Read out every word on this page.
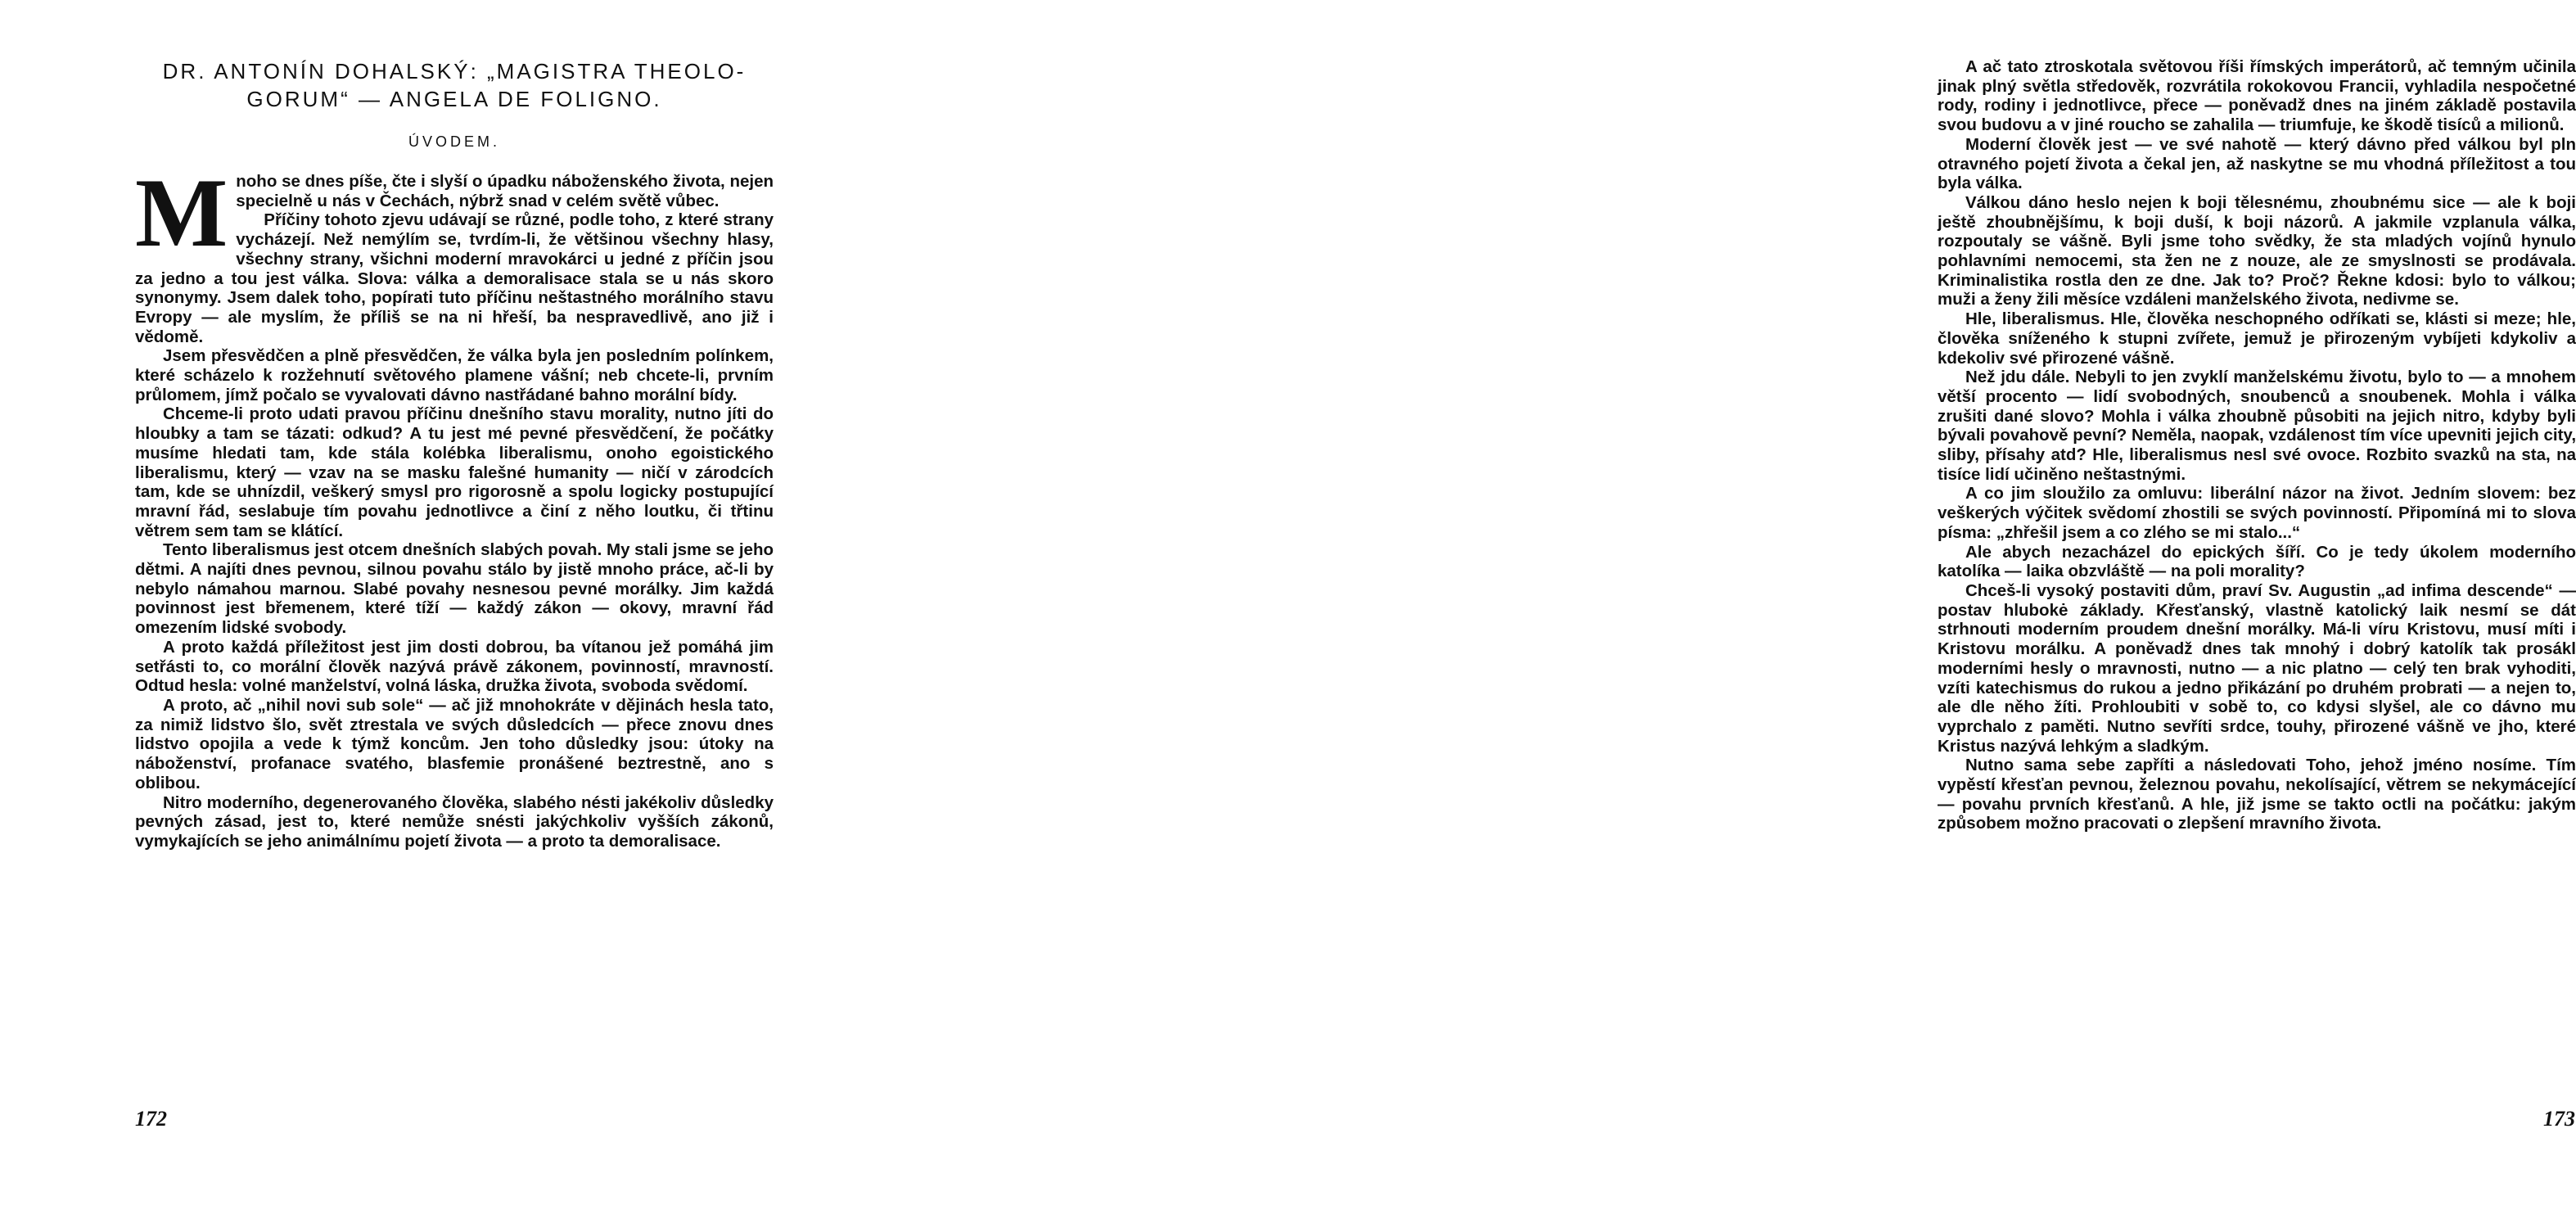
DR. ANTONÍN DOHALSKÝ: „MAGISTRA THEOLO-
GORUM“ — ANGELA DE FOLIGNO.
ÚVODEM.

Mnoho se dnes píše, čte i slyší o úpadku náboženského života, nejen specielně u nás v Čechách, nýbrž snad v celém světě vůbec.

Příčiny tohoto zjevu udávají se různé, podle toho, z které strany vycházejí. Než nemýlím se, tvrdím-li, že většinou všechny hlasy, všechny strany, všichni moderní mravokárci u jedné z příčin jsou za jedno a tou jest válka. Slova: válka a demoralisace stala se u nás skoro synonymy. Jsem dalek toho, popírati tuto příčinu neštastného morálního stavu Evropy — ale myslím, že příliš se na ni hřeší, ba nespravedlivě, ano již i vědomě.

Jsem přesvědčen a plně přesvědčen, že válka byla jen posledním polínkem, které scházelo k rozžehnutí světového plamene vášní; neb chcete-li, prvním průlomem, jímž počalo se vyvalovati dávno nastřádané bahno morální bídy.

Chceme-li proto udati pravou příčinu dnešního stavu morality, nutno jíti do hloubky a tam se tázati: odkud? A tu jest mé pevné přesvědčení, že počátky musíme hledati tam, kde stála kolébka liberalismu, onoho egoistického liberalismu, který — vzav na se masku falešné humanity — ničí v zárodcích tam, kde se uhnízdil, veškerý smysl pro rigorosně a spolu logicky postupující mravní řád, seslabuje tím povahu jednotlivce a činí z něho loutku, či třtinu větrem sem tam se klátící.

Tento liberalismus jest otcem dnešních slabých povah. My stali jsme se jeho dětmi. A najíti dnes pevnou, silnou povahu stálo by jistě mnoho práce, ač-li by nebylo námahou marnou. Slabé povahy nesnesou pevné morálky. Jim každá povinnost jest břemenem, které tíží — každý zákon — okovy, mravní řád omezením lidské svobody.

A proto každá příležitost jest jim dosti dobrou, ba vítanou jež pomáhá jim setřásti to, co morální člověk nazývá právě zákonem, povinností, mravností. Odtud hesla: volné manželství, volná láska, družka života, svoboda svědomí.

A proto, ač „nihil novi sub sole“ — ač již mnohokráte v dějinách hesla tato, za nimiž lidstvo šlo, svět ztrestala ve svých důsledcích — přece znovu dnes lidstvo opojila a vede k týmž koncům. Jen toho důsledky jsou: útoky na náboženství, profanace svatého, blasfemie pronášené beztrestně, ano s oblibou.

Nitro moderního, degenerovaného člověka, slabého nésti jakékoliv důsledky pevných zásad, jest to, které nemůže snésti jakýchkoliv vyšších zákonů, vymykajících se jeho animálnímu pojetí života — a proto ta demoralisace.

172

A ač tato ztroskotala světovou říši římských imperátorů, ač temným učinila jinak plný světla středověk, rozvrátila rokokovou Francii, vyhladila nespočetné rody, rodiny i jednotlivce, přece — poněvadž dnes na jiném základě postavila svou budovu a v jiné roucho se zahalila — triumfuje, ke škodě tisíců a milionů.

Moderní člověk jest — ve své nahotě — který dávno před válkou byl pln otravného pojetí života a čekal jen, až naskytne se mu vhodná příležitost a tou byla válka.

Válkou dáno heslo nejen k boji tělesnému, zhoubnému sice — ale k boji ještě zhoubnějšímu, k boji duší, k boji názorů. A jakmile vzplanula válka, rozpoutaly se vášně. Byli jsme toho svědky, že sta mladých vojínů hynulo pohlavními nemocemi, sta žen ne z nouze, ale ze smyslnosti se prodávala. Kriminalistika rostla den ze dne. Jak to? Proč? Řekne kdosi: bylo to válkou; muži a ženy žili měsíce vzdáleni manželského života, nedivme se.

Hle, liberalismus. Hle, člověka neschopného odříkati se, klásti si meze; hle, člověka sníženého k stupni zvířete, jemuž je přirozeným vybíjeti kdykoliv a kdekoliv své přirozené vášně.

Než jdu dále. Nebyli to jen zvyklí manželskému životu, bylo to — a mnohem větší procento — lidí svobodných, snoubenců a snoubenek. Mohla i válka zrušiti dané slovo? Mohla i válka zhoubně působiti na jejich nitro, kdyby byli bývali povahově pevní? Neměla, naopak, vzdálenost tím více upevniti jejich city, sliby, přísahy atd? Hle, liberalismus nesl své ovoce. Rozbito svazků na sta, na tisíce lidí učiněno neštastnými.

A co jim sloužilo za omluvu: liberální názor na život. Jedním slovem: bez veškerých výčitek svědomí zhostili se svých povinností. Připomíná mi to slova písma: „zhřešil jsem a co zlého se mi stalo...“

Ale abych nezacházel do epických šíří. Co je tedy úkolem moderního katolíka — laika obzvláště — na poli morality?

Chceš-li vysoký postaviti dům, praví Sv. Augustin „ad infima descende“ — postav hlubokė základy. Křesťanský, vlastně katolický laik nesmí se dát strhnouti moderním proudem dnešní morálky. Má-li víru Kristovu, musí míti i Kristovu morálku. A poněvadž dnes tak mnohý i dobrý katolík tak prosákl moderními hesly o mravnosti, nutno — a nic platno — celý ten brak vyhoditi, vzíti katechismus do rukou a jedno přikázání po druhém probrati — a nejen to, ale dle něho žíti. Prohloubiti v sobě to, co kdysi slyšel, ale co dávno mu vyprchalo z paměti. Nutno sevříti srdce, touhy, přirozené vášně ve jho, které Kristus nazývá lehkým a sladkým.

Nutno sama sebe zapříti a následovati Toho, jehož jméno nosíme. Tím vypěstí křesťan pevnou, železnou povahu, nekolísající, větrem se nekymácející — povahu prvních křesťanů. A hle, již jsme se takto octli na počátku: jakým způsobem možno pracovati o zlepšení mravního života.

173
